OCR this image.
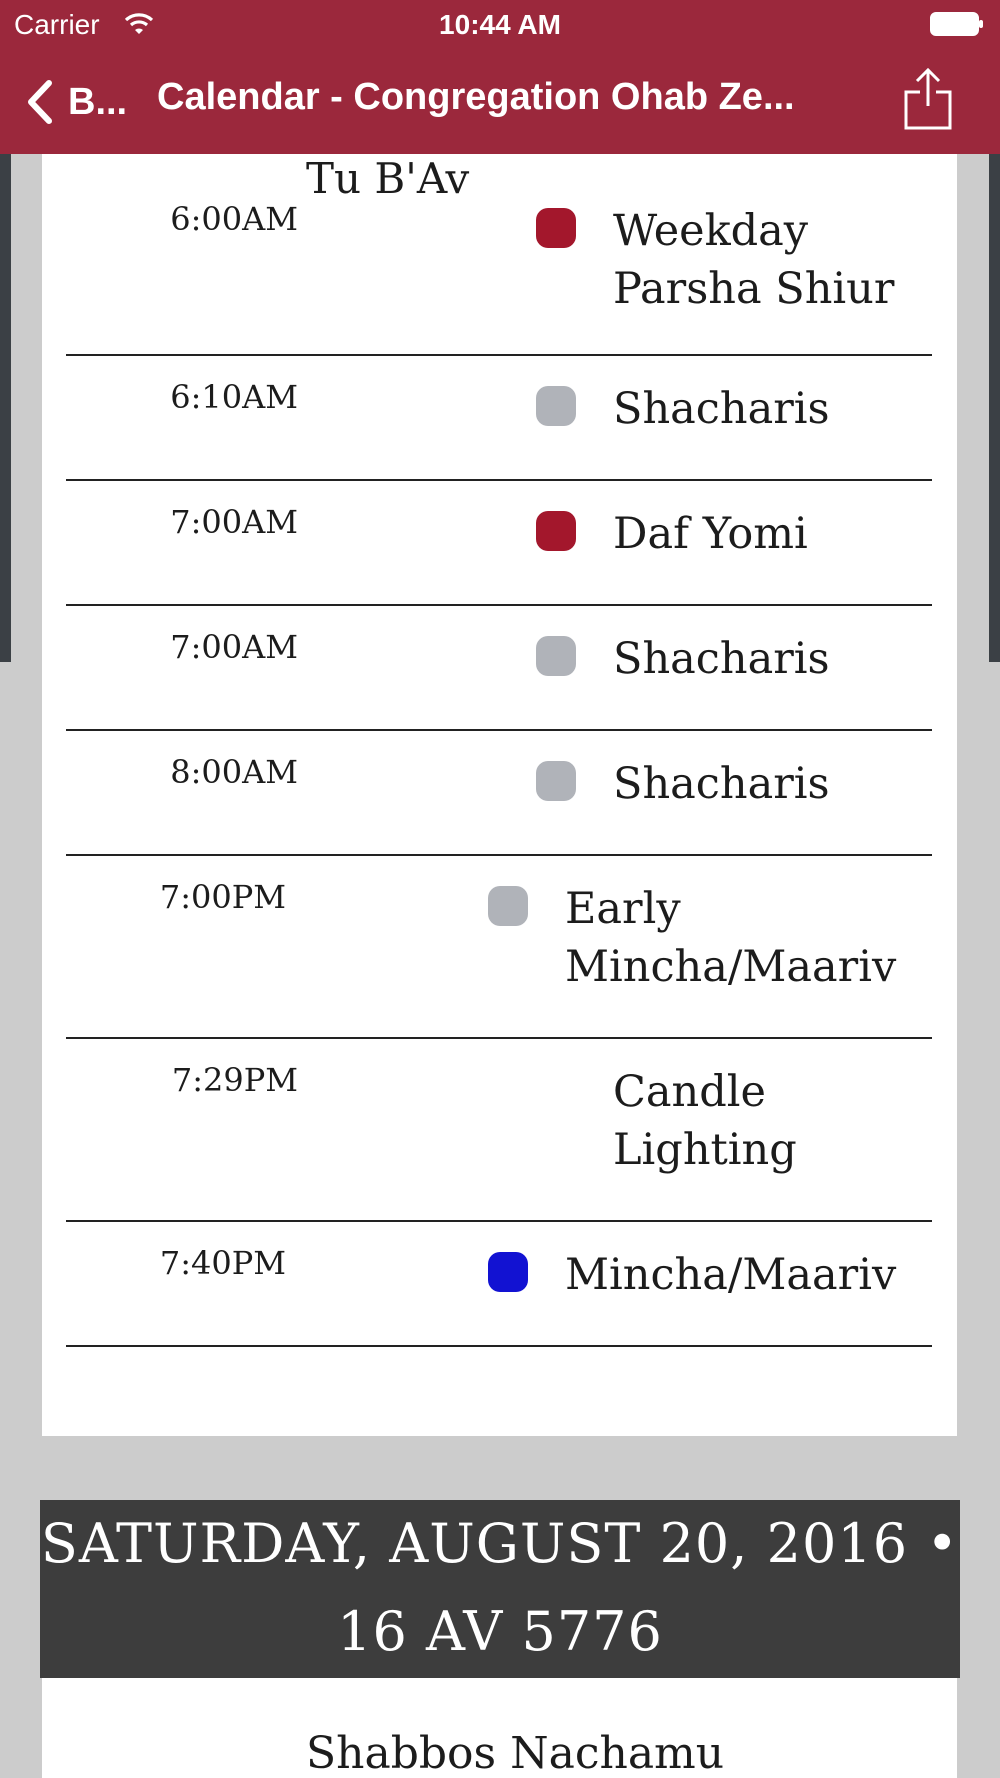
Carrier	10:44 AM
B... Calendar - Congregation Ohab Ze...
Tu B'Av
6:00AM	Weekday Parsha Shiur
6:10AM	Shacharis
7:00AM	Daf Yomi
7:00AM	Shacharis
8:00AM	Shacharis
7:00PM	Early Mincha/Maariv
7:29PM	Candle Lighting
7:40PM	Mincha/Maariv
SATURDAY, AUGUST 20, 2016 •
16 AV 5776
Shabbos Nachamu
